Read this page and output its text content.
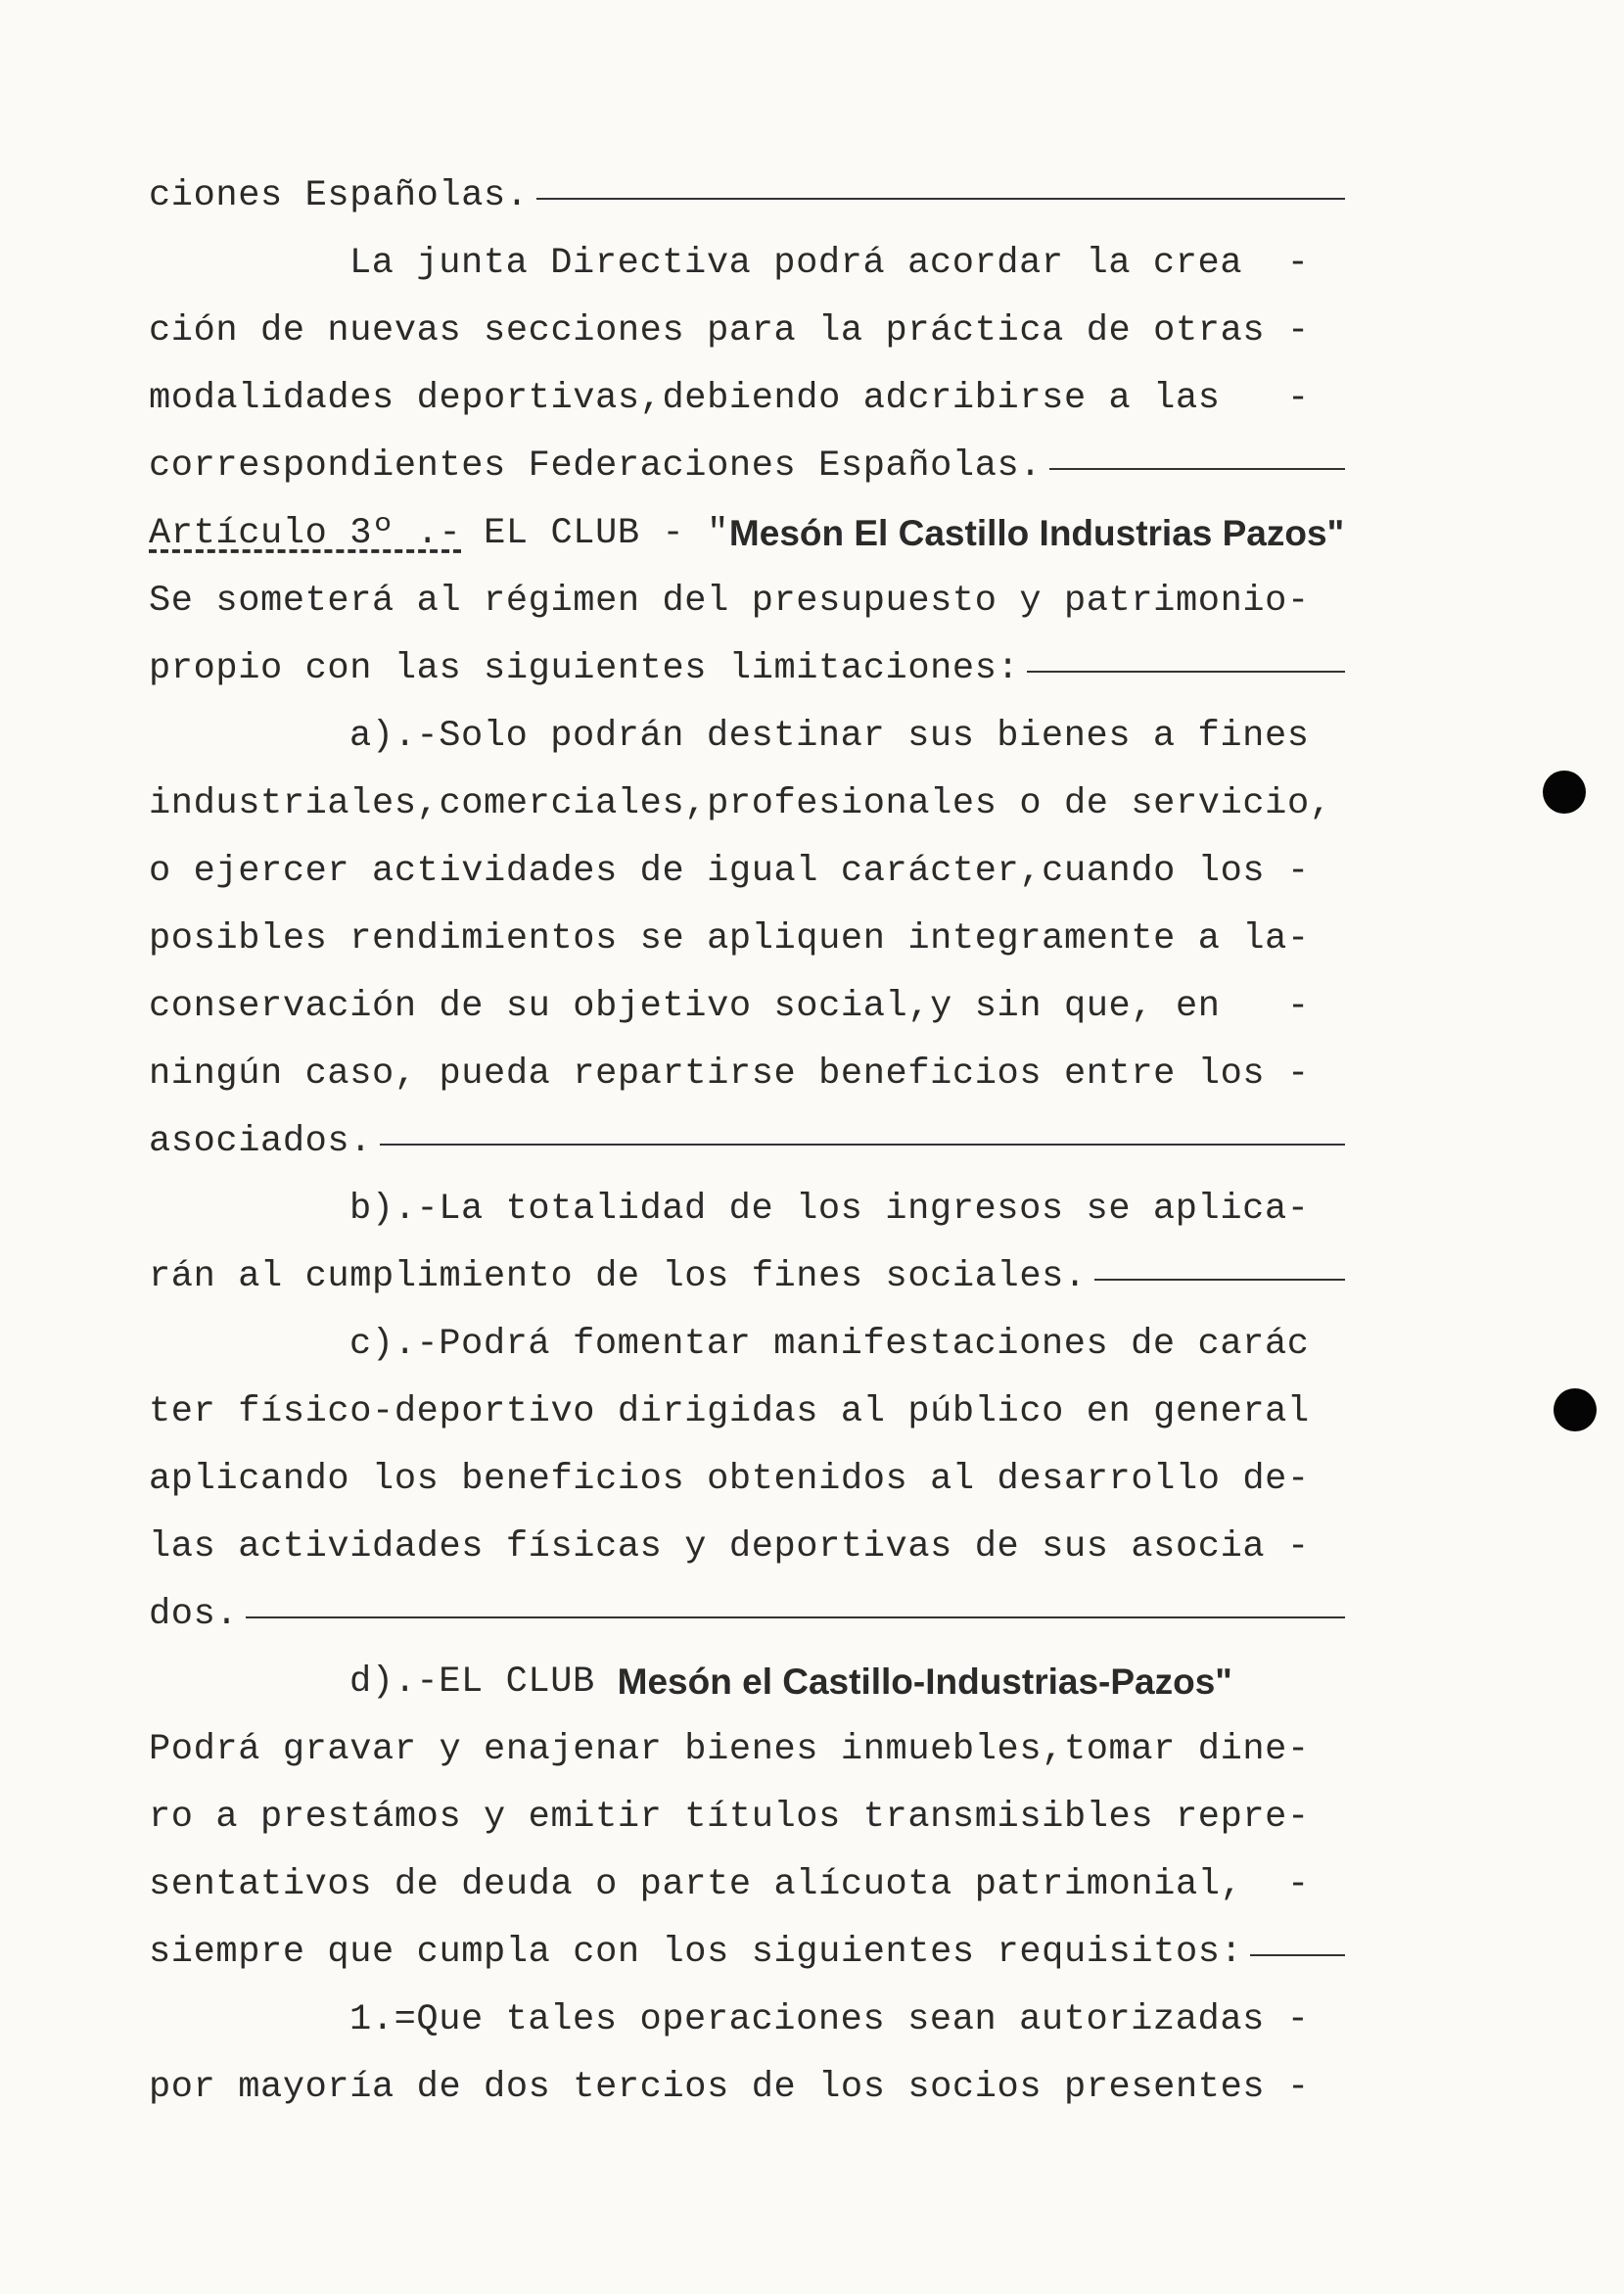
ciones Españolas.
La junta Directiva podrá acordar la crea  -
ción de nuevas secciones para la práctica de otras -
modalidades deportivas,debiendo adcribirse a las   -
correspondientes Federaciones Españolas.
Artículo 3º .- EL CLUB - " Mesón El Castillo Industrias Pazos"
Se someterá al régimen del presupuesto y patrimonio-
propio con las siguientes limitaciones:
a).-Solo podrán destinar sus bienes a fines
industriales,comerciales,profesionales o de servicio,
o ejercer actividades de igual carácter,cuando los -
posibles rendimientos se apliquen integramente a la-
conservación de su objetivo social,y sin que, en   -
ningún caso, pueda repartirse beneficios entre los -
asociados.
b).-La totalidad de los ingresos se aplica-
rán al cumplimiento de los fines sociales.
c).-Podrá fomentar manifestaciones de carác
ter físico-deportivo dirigidas al público en general
aplicando los beneficios obtenidos al desarrollo de-
las actividades físicas y deportivas de sus asocia -
dos.
d).-EL CLUB Mesón el Castillo-Industrias-Pazos"
Podrá gravar y enajenar bienes inmuebles,tomar dine-
ro a prestámos y emitir títulos transmisibles repre-
sentativos de deuda o parte alícuota patrimonial,  -
siempre que cumpla con los siguientes requisitos:
1.=Que tales operaciones sean autorizadas -
por mayoría de dos tercios de los socios presentes -
